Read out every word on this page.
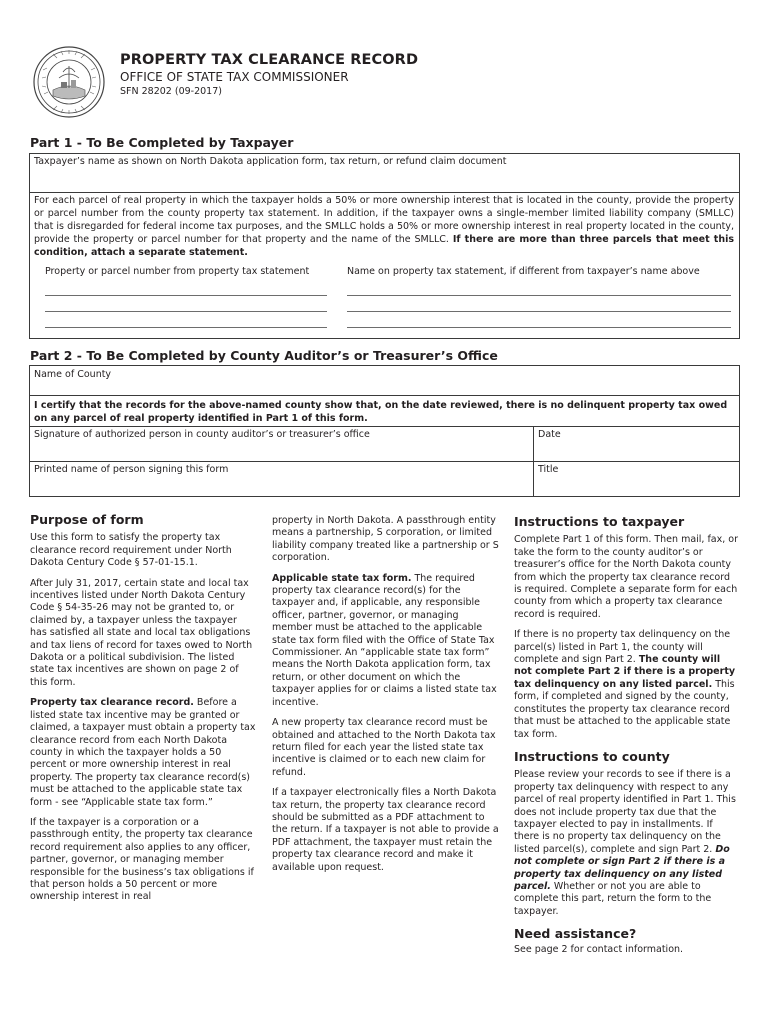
PROPERTY TAX CLEARANCE RECORD
OFFICE OF STATE TAX COMMISSIONER
SFN 28202 (09-2017)
Part 1 - To Be Completed by Taxpayer
Taxpayer’s name as shown on North Dakota application form, tax return, or refund claim document
For each parcel of real property in which the taxpayer holds a 50% or more ownership interest that is located in the county, provide the property or parcel number from the county property tax statement. In addition, if the taxpayer owns a single-member limited liability company (SMLLC) that is disregarded for federal income tax purposes, and the SMLLC holds a 50% or more ownership interest in real property located in the county, provide the property or parcel number for that property and the name of the SMLLC. If there are more than three parcels that meet this condition, attach a separate statement.
Property or parcel number from property tax statement	Name on property tax statement, if different from taxpayer’s name above
Part 2 - To Be Completed by County Auditor’s or Treasurer’s Office
Name of County
I certify that the records for the above-named county show that, on the date reviewed, there is no delinquent property tax owed on any parcel of real property identified in Part 1 of this form.
Signature of authorized person in county auditor’s or treasurer’s office	Date
Printed name of person signing this form	Title
Purpose of form

Use this form to satisfy the property tax clearance record requirement under North Dakota Century Code § 57-01-15.1.

After July 31, 2017, certain state and local tax incentives listed under North Dakota Century Code § 54-35-26 may not be granted to, or claimed by, a taxpayer unless the taxpayer has satisfied all state and local tax obligations and tax liens of record for taxes owed to North Dakota or a political subdivision. The listed state tax incentives are shown on page 2 of this form.

Property tax clearance record. Before a listed state tax incentive may be granted or claimed, a taxpayer must obtain a property tax clearance record from each North Dakota county in which the taxpayer holds a 50 percent or more ownership interest in real property. The property tax clearance record(s) must be attached to the applicable state tax form - see “Applicable state tax form.”

If the taxpayer is a corporation or a passthrough entity, the property tax clearance record requirement also applies to any officer, partner, governor, or managing member responsible for the business’s tax obligations if that person holds a 50 percent or more ownership interest in real

property in North Dakota. A passthrough entity means a partnership, S corporation, or limited liability company treated like a partnership or S corporation.

Applicable state tax form. The required property tax clearance record(s) for the taxpayer and, if applicable, any responsible officer, partner, governor, or managing member must be attached to the applicable state tax form filed with the Office of State Tax Commissioner. An “applicable state tax form” means the North Dakota application form, tax return, or other document on which the taxpayer applies for or claims a listed state tax incentive.

A new property tax clearance record must be obtained and attached to the North Dakota tax return filed for each year the listed state tax incentive is claimed or to each new claim for refund.

If a taxpayer electronically files a North Dakota tax return, the property tax clearance record should be submitted as a PDF attachment to the return. If a taxpayer is not able to provide a PDF attachment, the taxpayer must retain the property tax clearance record and make it available upon request.

Instructions to taxpayer

Complete Part 1 of this form. Then mail, fax, or take the form to the county auditor’s or treasurer’s office for the North Dakota county from which the property tax clearance record is required. Complete a separate form for each county from which a property tax clearance record is required.

If there is no property tax delinquency on the parcel(s) listed in Part 1, the county will complete and sign Part 2. The county will not complete Part 2 if there is a property tax delinquency on any listed parcel. This form, if completed and signed by the county, constitutes the property tax clearance record that must be attached to the applicable state tax form.

Instructions to county

Please review your records to see if there is a property tax delinquency with respect to any parcel of real property identified in Part 1. This does not include property tax due that the taxpayer elected to pay in installments. If there is no property tax delinquency on the listed parcel(s), complete and sign Part 2. Do not complete or sign Part 2 if there is a property tax delinquency on any listed parcel. Whether or not you are able to complete this part, return the form to the taxpayer.

Need assistance?

See page 2 for contact information.
